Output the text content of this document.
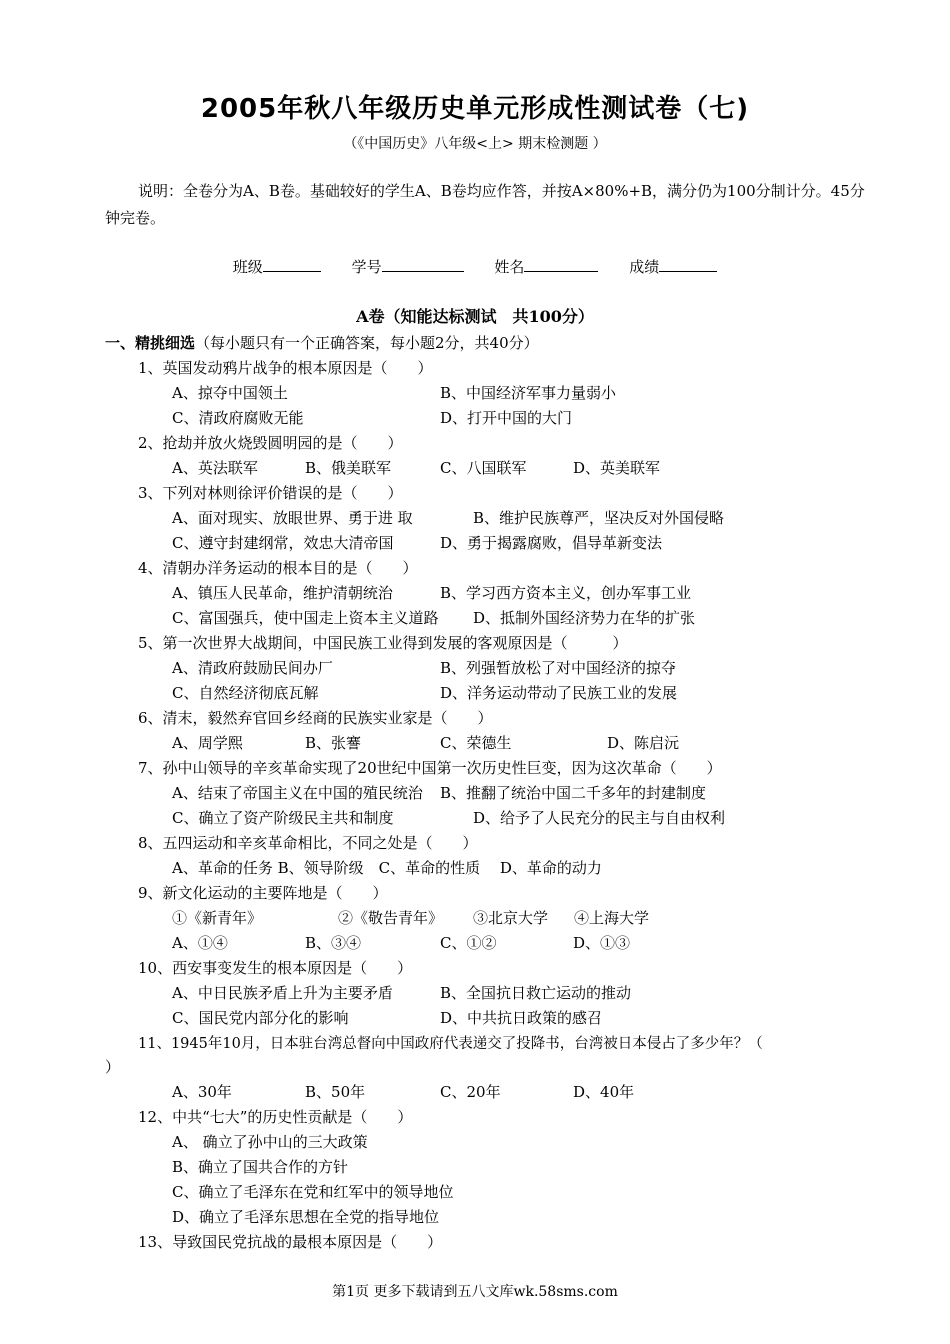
2005年秋八年级历史单元形成性测试卷（七)
（《中国历史》八年级<上> 期末检测题 ）
说明：全卷分为A、B卷。基础较好的学生A、B卷均应作答，并按A×80%+B，满分仍为100分制计分。45分钟完卷。
班级	学号	姓名	成绩
A卷（知能达标测试　共100分）
一、精挑细选（每小题只有一个正确答案，每小题2分，共40分）
1、英国发动鸦片战争的根本原因是（　　）
A、掠夺中国领土	B、中国经济军事力量弱小
C、清政府腐败无能	D、打开中国的大门
2、抢劫并放火烧毁圆明园的是（　　）
A、英法联军	B、俄美联军	C、八国联军	D、英美联军
3、下列对林则徐评价错误的是（　　）
A、面对现实、放眼世界、勇于进 取	B、维护民族尊严，坚决反对外国侵略
C、遵守封建纲常，效忠大清帝国	D、勇于揭露腐败，倡导革新变法
4、清朝办洋务运动的根本目的是（　　）
A、镇压人民革命，维护清朝统治	B、学习西方资本主义，创办军事工业
C、富国强兵，使中国走上资本主义道路 D、抵制外国经济势力在华的扩张
5、第一次世界大战期间，中国民族工业得到发展的客观原因是（　　　）
A、清政府鼓励民间办厂	B、列强暂放松了对中国经济的掠夺
C、自然经济彻底瓦解	D、洋务运动带动了民族工业的发展
6、清末，毅然弃官回乡经商的民族实业家是（　　）
A、周学熙	B、张謇	C、荣德生	D、陈启沅
7、孙中山领导的辛亥革命实现了20世纪中国第一次历史性巨变，因为这次革命（　　）
A、结束了帝国主义在中国的殖民统治 B、推翻了统治中国二千多年的封建制度
C、确立了资产阶级民主共和制度	D、给予了人民充分的民主与自由权利
8、五四运动和辛亥革命相比，不同之处是（　　）
A、革命的任务 B、领导阶级　C、革命的性质　 D、革命的动力
9、新文化运动的主要阵地是（　　）
①《新青年》	②《敬告青年》 ③北京大学 ④上海大学
A、①④	B、③④	C、①②	D、①③
10、西安事变发生的根本原因是（　　）
A、中日民族矛盾上升为主要矛盾	B、全国抗日救亡运动的推动
C、国民党内部分化的影响	D、中共抗日政策的感召
11、1945年10月，日本驻台湾总督向中国政府代表递交了投降书，台湾被日本侵占了多少年？（
）
A、30年	B、50年	C、20年	D、40年
12、中共“七大”的历史性贡献是（　　）
A、 确立了孙中山的三大政策
B、确立了国共合作的方针
C、确立了毛泽东在党和红军中的领导地位
D、确立了毛泽东思想在全党的指导地位
13、导致国民党抗战的最根本原因是（　　）
第1页 更多下载请到五八文库wk.58sms.com
